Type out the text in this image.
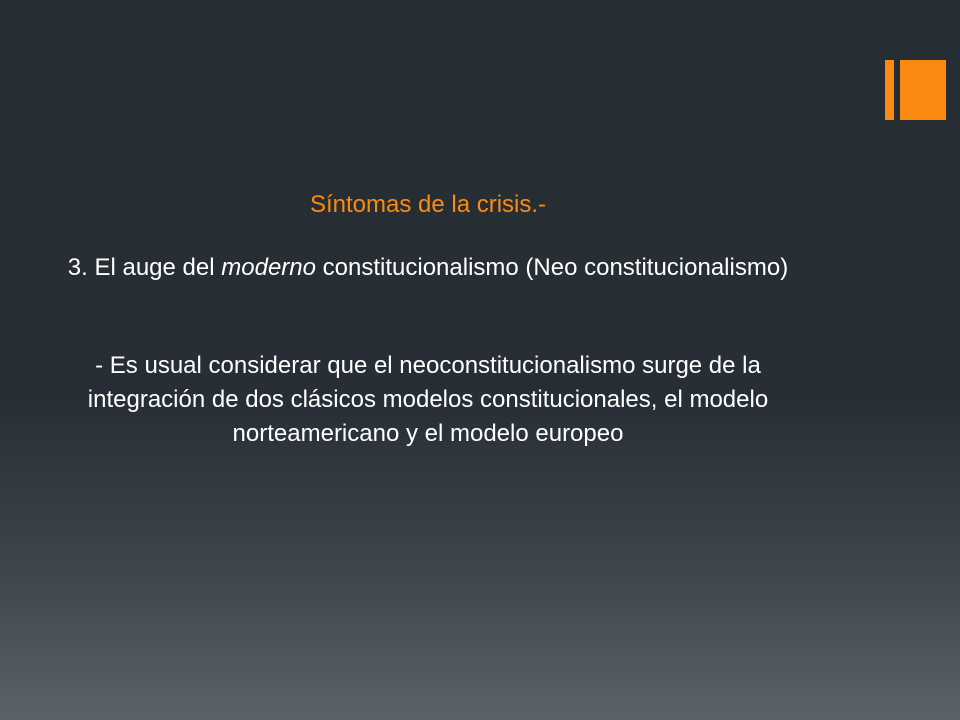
Síntomas de la crisis.-

3. El auge del moderno constitucionalismo (Neo constitucionalismo)

- Es usual considerar que el neoconstitucionalismo surge de la integración de dos clásicos modelos constitucionales, el modelo norteamericano y el modelo europeo
